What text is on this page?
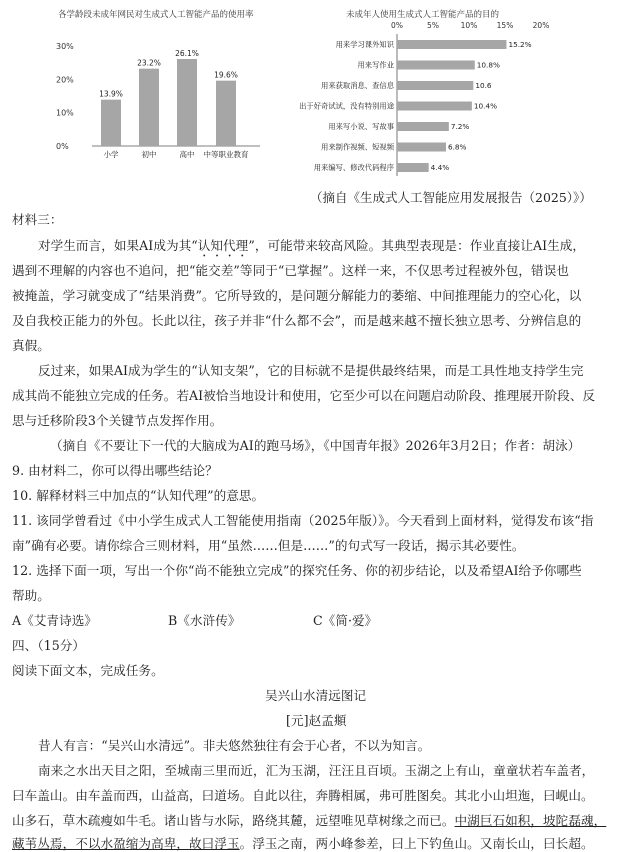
各学龄段未成年网民对生成式人工智能产品的使用率
0%
10%
20%
30%
13.9%
小学
23.2%
初中
26.1%
高中
19.6%
中等职业教育
未成年人使用生成式人工智能产品的目的
0%	5%	10%	15%	20%
用来学习课外知识	15.2%
用来写作业	10.8%
用来获取消息、查信息	10.6
出于好奇试试，没有特别用途	10.4%
用来写小说、写故事	7.2%
用来制作视频、短视频	6.8%
用来编写、修改代码程序	4.4%
（摘自《生成式人工智能应用发展报告（2025）》）
材料三：
对学生而言，如果AI成为其“认知代理”，可能带来较高风险。其典型表现是：作业直接让AI生成，
遇到不理解的内容也不追问，把“能交差”等同于“已掌握”。这样一来，不仅思考过程被外包，错误也
被掩盖，学习就变成了“结果消费”。它所导致的，是问题分解能力的萎缩、中间推理能力的空心化，以
及自我校正能力的外包。长此以往，孩子并非“什么都不会”，而是越来越不擅长独立思考、分辨信息的
真假。
反过来，如果AI成为学生的“认知支架”，它的目标就不是提供最终结果，而是工具性地支持学生完
成其尚不能独立完成的任务。若AI被恰当地设计和使用，它至少可以在问题启动阶段、推理展开阶段、反
思与迁移阶段3个关键节点发挥作用。
（摘自《不要让下一代的大脑成为AI的跑马场》，《中国青年报》2026年3月2日；作者：胡泳）
9. 由材料二，你可以得出哪些结论？
10. 解释材料三中加点的“认知代理”的意思。
11. 该同学曾看过《中小学生成式人工智能使用指南（2025年版）》。今天看到上面材料，觉得发布该“指
南”确有必要。请你综合三则材料，用“虽然……但是……”的句式写一段话，揭示其必要性。
12. 选择下面一项，写出一个你“尚不能独立完成”的探究任务、你的初步结论，以及希望AI给予你哪些
帮助。
A《艾青诗选》	B《水浒传》	C《简·爱》
四、（15分）
阅读下面文本，完成任务。
吴兴山水清远图记
[元]赵孟頫
昔人有言：“吴兴山水清远”。非夫悠然独往有会于心者，不以为知言。
南来之水出天目之阳，至城南三里而近，汇为玉湖，汪汪且百顷。玉湖之上有山，童童状若车盖者，
曰车盖山。由车盖而西，山益高，曰道场。自此以往，奔腾相属，弗可胜图矣。其北小山坦迤，曰岘山。
山多石，草木疏瘦如牛毛。诸山皆与水际，路绕其麓，远望唯见草树缘之而已。中湖巨石如积，坡陀磊魂，
藏苇丛焉，不以水盈缩为高卑，故曰浮玉。浮玉之南，两小峰参差，曰上下钓鱼山。又南长山，曰长超。
